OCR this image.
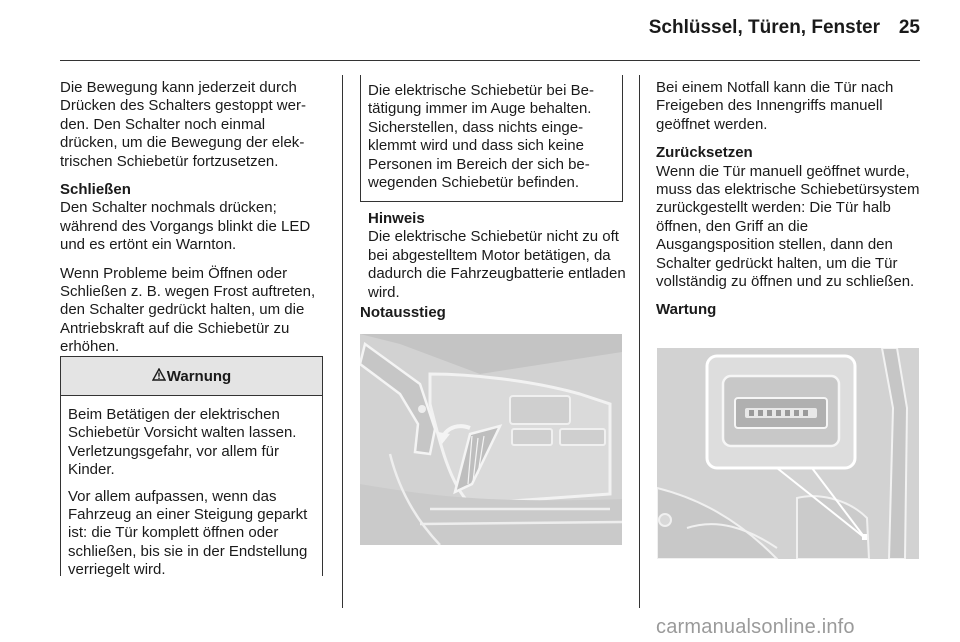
Schlüssel, Türen, Fenster 25

Die Bewegung kann jederzeit durch Drücken des Schalters gestoppt werden. Den Schalter noch einmal drücken, um die Bewegung der elektrischen Schiebetür fortzusetzen.

Schließen
Den Schalter nochmals drücken; während des Vorgangs blinkt die LED und es ertönt ein Warnton.

Wenn Probleme beim Öffnen oder Schließen z. B. wegen Frost auftreten, den Schalter gedrückt halten, um die Antriebskraft auf die Schiebetür zu erhöhen.

Warnung

Beim Betätigen der elektrischen Schiebetür Vorsicht walten lassen. Verletzungsgefahr, vor allem für Kinder.

Vor allem aufpassen, wenn das Fahrzeug an einer Steigung geparkt ist: die Tür komplett öffnen oder schließen, bis sie in der Endstellung verriegelt wird.

Die elektrische Schiebetür bei Betätigung immer im Auge behalten. Sicherstellen, dass nichts eingeklemmt wird und dass sich keine Personen im Bereich der sich bewegenden Schiebetür befinden.

Hinweis
Die elektrische Schiebetür nicht zu oft bei abgestelltem Motor betätigen, da dadurch die Fahrzeugbatterie entladen wird.

Notausstieg

Bei einem Notfall kann die Tür nach Freigeben des Innengriffs manuell geöffnet werden.

Zurücksetzen
Wenn die Tür manuell geöffnet wurde, muss das elektrische Schiebetürsystem zurückgestellt werden: Die Tür halb öffnen, den Griff an die Ausgangsposition stellen, dann den Schalter gedrückt halten, um die Tür vollständig zu öffnen und zu schließen.

Wartung

carmanualsonline.info
